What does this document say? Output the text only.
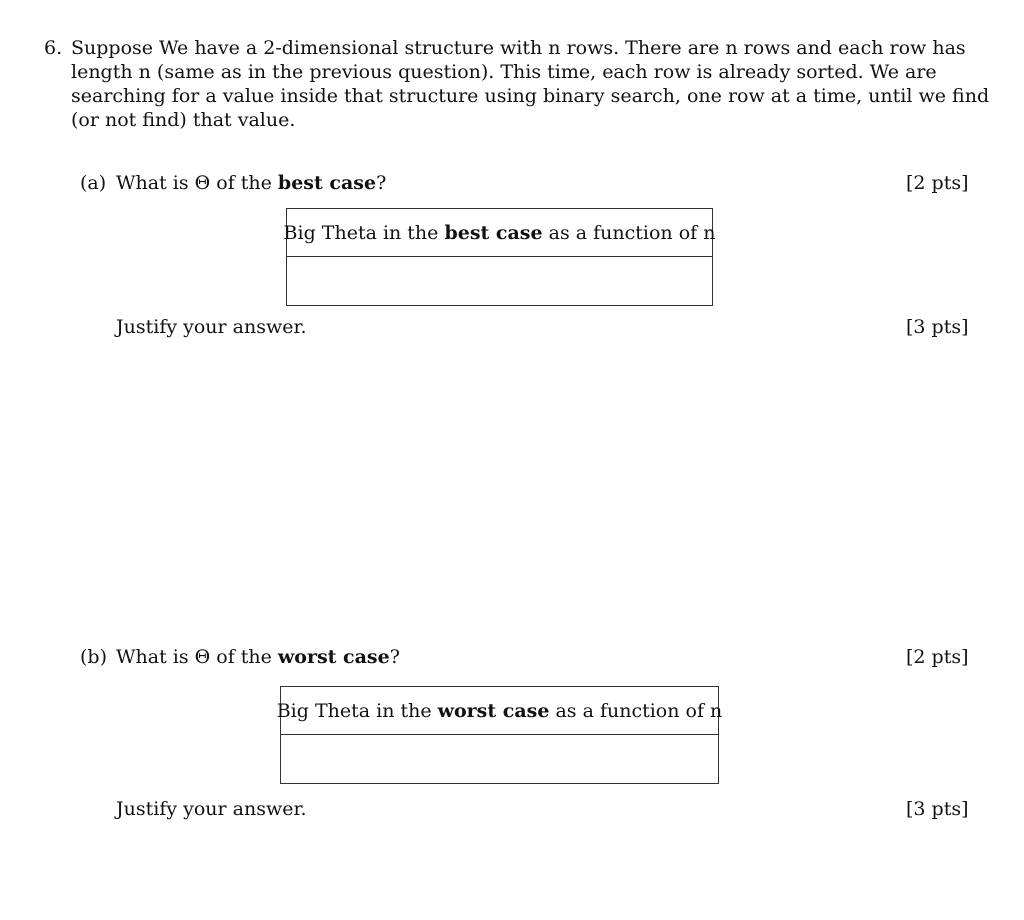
6. Suppose We have a 2-dimensional structure with n rows. There are n rows and each row has
length n (same as in the previous question). This time, each row is already sorted. We are
searching for a value inside that structure using binary search, one row at a time, until we find
(or not find) that value.
(a) What is Θ of the best case?	[2 pts]
Big Theta in the best case as a function of n
Justify your answer.	[3 pts]
(b) What is Θ of the worst case?	[2 pts]
Big Theta in the worst case as a function of n
Justify your answer.	[3 pts]
